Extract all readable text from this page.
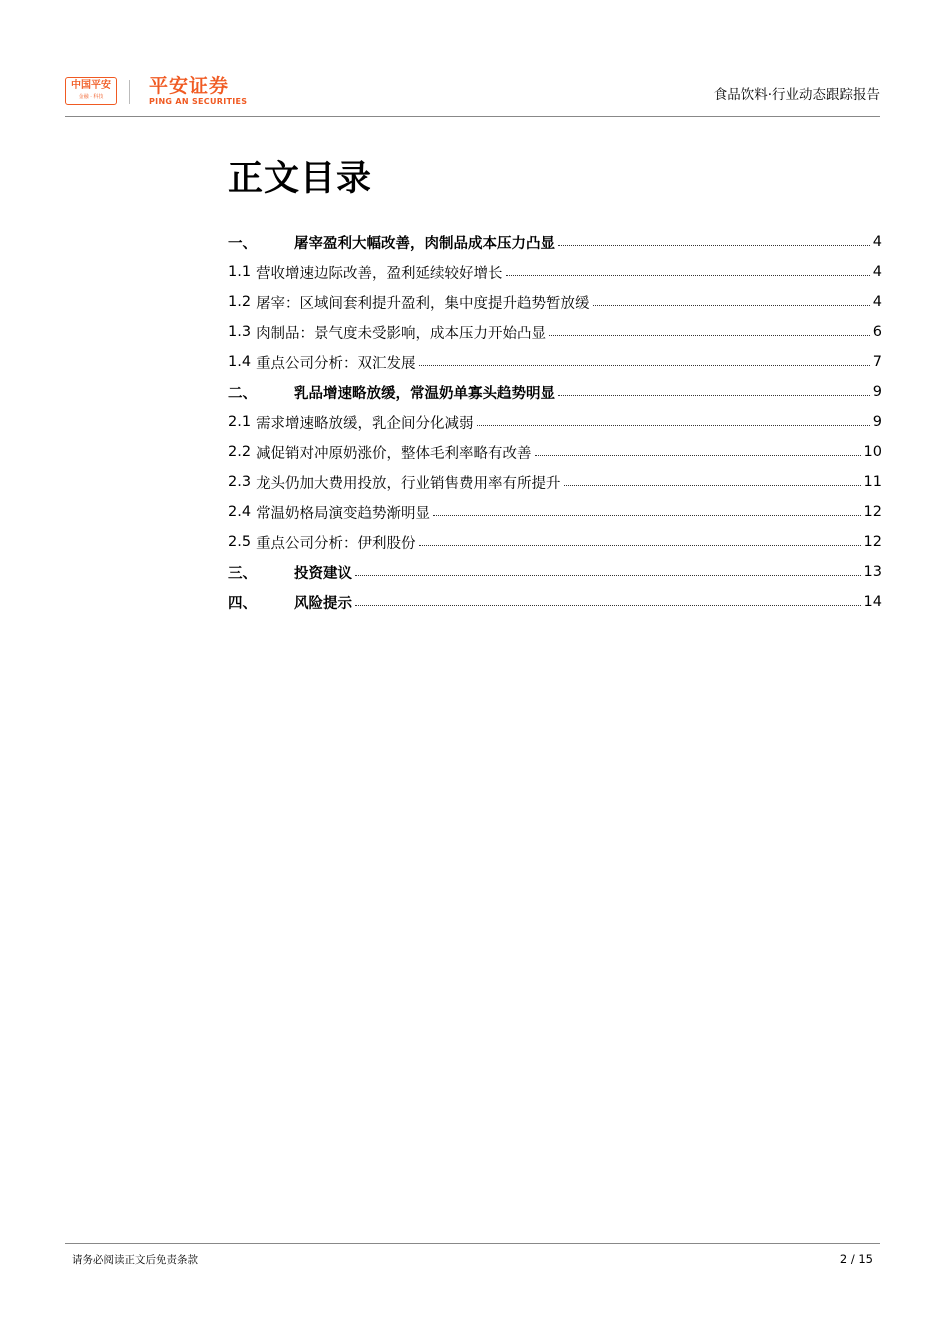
中国平安
金融 · 科技	平安证券
PING AN SECURITIES	食品饮料·行业动态跟踪报告
正文目录
一、	屠宰盈利大幅改善，肉制品成本压力凸显	4
1.1 营收增速边际改善，盈利延续较好增长	4
1.2 屠宰：区域间套利提升盈利，集中度提升趋势暂放缓	4
1.3 肉制品：景气度未受影响，成本压力开始凸显	6
1.4 重点公司分析：双汇发展	7
二、	乳品增速略放缓，常温奶单寡头趋势明显	9
2.1 需求增速略放缓，乳企间分化减弱	9
2.2 减促销对冲原奶涨价，整体毛利率略有改善	10
2.3 龙头仍加大费用投放，行业销售费用率有所提升	11
2.4 常温奶格局演变趋势渐明显	12
2.5 重点公司分析：伊利股份	12
三、	投资建议	13
四、	风险提示	14
请务必阅读正文后免责条款	2 / 15
